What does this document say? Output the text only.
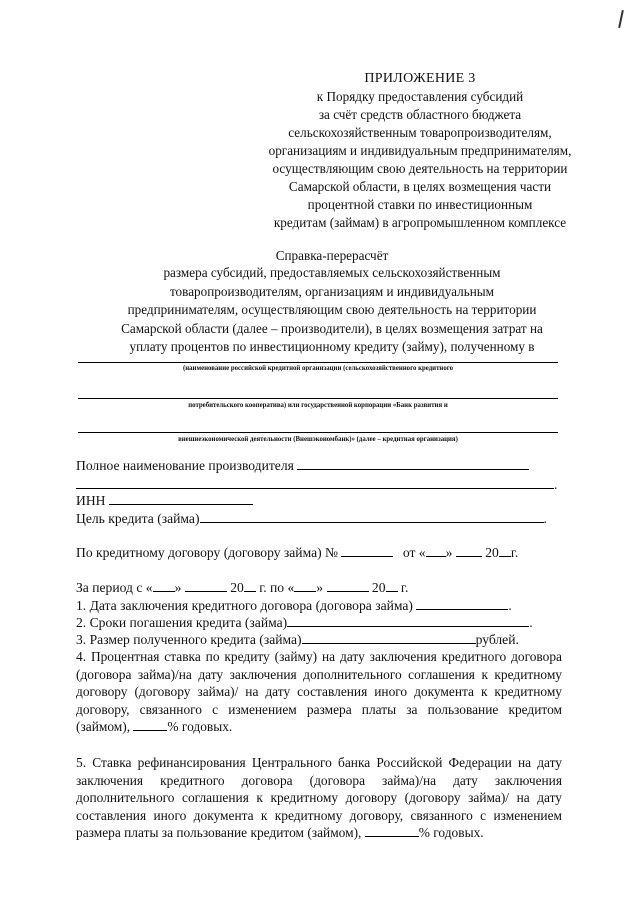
ПРИЛОЖЕНИЕ 3
к Порядку предоставления субсидий
за счёт средств областного бюджета
сельскохозяйственным товаропроизводителям,
организациям и индивидуальным предпринимателям,
осуществляющим свою деятельность на территории
Самарской области, в целях возмещения части
процентной ставки по инвестиционным
кредитам (займам) в агропромышленном комплексе
Справка-перерасчёт
размера субсидий, предоставляемых сельскохозяйственным
товаропроизводителям, организациям и индивидуальным
предпринимателям, осуществляющим свою деятельность на территории
Самарской области (далее – производители), в целях возмещения затрат на
уплату процентов по инвестиционному кредиту (займу), полученному в
(наименование российской кредитной организации (сельскохозяйственного кредитного
потребительского кооператива) или государственной корпорации «Банк развития и
внешнеэкономической деятельности (Внешэкономбанк)» (далее – кредитная организация)
Полное наименование производителя
.
ИНН
Цель кредита (займа)	.
По кредитному договору (договору займа) №	от « » 20 г.
За период с « »	20 г. по « »	20 г.
1. Дата заключения кредитного договора (договора займа)	.
2. Сроки погашения кредита (займа)	.
3. Размер полученного кредита (займа)	рублей.
4. Процентная ставка по кредиту (займу) на дату заключения кредитного договора (договора займа)/на дату заключения дополнительного соглашения к кредитному договору (договору займа)/ на дату составления иного документа к кредитному договору, связанного с изменением размера платы за пользование кредитом (займом),	% годовых.
5. Ставка рефинансирования Центрального банка Российской Федерации на дату заключения кредитного договора (договора займа)/на дату заключения дополнительного соглашения к кредитному договору (договору займа)/ на дату составления иного документа к кредитному договору, связанного с изменением размера платы за пользование кредитом (займом),	% годовых.
